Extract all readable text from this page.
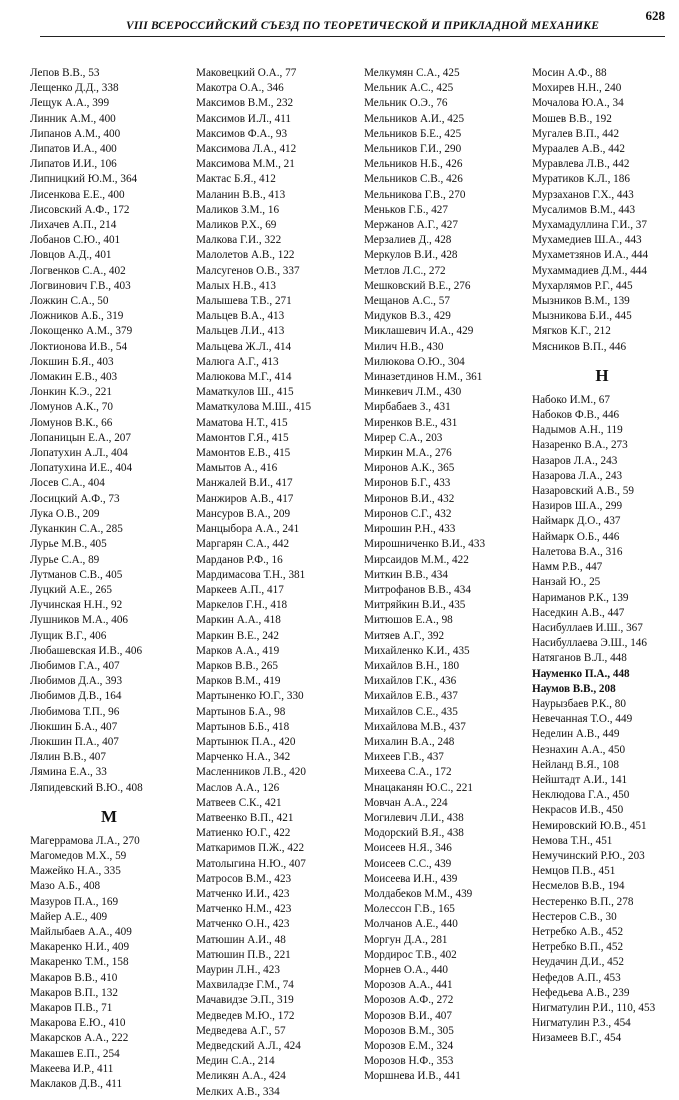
VIII ВСЕРОССИЙСКИЙ СЪЕЗД ПО ТЕОРЕТИЧЕСКОЙ И ПРИКЛАДНОЙ МЕХАНИКЕ
628
Лепов В.В., 53
Лещенко Д.Д., 338
Лещук А.А., 399
Линник А.М., 400
Липанов А.М., 400
Липатов И.А., 400
Липатов И.И., 106
Липницкий Ю.М., 364
Лисенкова Е.Е., 400
Лисовский А.Ф., 172
Лихачев А.П., 214
Лобанов С.Ю., 401
Ловцов А.Д., 401
Логвенков С.А., 402
Логвинович Г.В., 403
Ложкин С.А., 50
Ложников А.Б., 319
Локощенко А.М., 379
Локтионова И.В., 54
Локшин Б.Я., 403
Ломакин Е.В., 403
Лонкин К.Э., 221
Ломунов А.К., 70
Ломунов В.К., 66
Лопаницын Е.А., 207
Лопатухин А.Л., 404
Лопатухина И.Е., 404
Лосев С.А., 404
Лосицкий А.Ф., 73
Лука О.В., 209
Луканкин С.А., 285
Лурье М.В., 405
Лурье С.А., 89
Лутманов С.В., 405
Луцкий А.Е., 265
Лучинская Н.Н., 92
Лушников М.А., 406
Лущик В.Г., 406
Любашевская И.В., 406
Любимов Г.А., 407
Любимов Д.А., 393
Любимов Д.В., 164
Любимова Т.П., 96
Люкшин Б.А., 407
Люкшин П.А., 407
Лялин В.В., 407
Лямина Е.А., 33
Ляпидевский В.Ю., 408
М
Магеррамова Л.А., 270
Магомедов М.Х., 59
Мажейко Н.А., 335
Мазо А.Б., 408
Мазуров П.А., 169
Майер А.Е., 409
Майлыбаев А.А., 409
Макаренко Н.И., 409
Макаренко Т.М., 158
Макаров В.В., 410
Макаров В.П., 132
Макаров П.В., 71
Макарова Е.Ю., 410
Макарсков А.А., 222
Макашев Е.П., 254
Макеева И.Р., 411
Маклаков Д.В., 411
Маковецкий О.А., 77
Макотра О.А., 346
Максимов В.М., 232
Максимов И.Л., 411
Максимов Ф.А., 93
Максимова Л.А., 412
Максимова М.М., 21
Мактас Б.Я., 412
Маланин В.В., 413
Маликов З.М., 16
Маликов Р.Х., 69
Малкова Г.И., 322
Малолетов А.В., 122
Малсугенов О.В., 337
Малых Н.В., 413
Малышева Т.В., 271
Мальцев В.А., 413
Мальцев Л.И., 413
Мальцева Ж.Л., 414
Малюга А.Г., 413
Малюкова М.Г., 414
Маматкулов Ш., 415
Маматкулова М.Ш., 415
Маматова Н.Т., 415
Мамонтов Г.Я., 415
Мамонтов Е.В., 415
Мамытов А., 416
Манжалей В.И., 417
Манжиров А.В., 417
Мансуров В.А., 209
Манцыбора А.А., 241
Маргарян С.А., 442
Марданов Р.Ф., 16
Мардимасова Т.Н., 381
Маркеев А.П., 417
Маркелов Г.Н., 418
Маркин А.А., 418
Маркин В.Е., 242
Марков А.А., 419
Марков В.В., 265
Марков В.М., 419
Мартыненко Ю.Г., 330
Мартынов Б.А., 98
Мартынов Б.Б., 418
Мартынюк П.А., 420
Марченко Н.А., 342
Масленников Л.В., 420
Маслов А.А., 126
Матвеев С.К., 421
Матвеенко В.П., 421
Матиенко Ю.Г., 422
Маткаримов П.Ж., 422
Матолыгина Н.Ю., 407
Матросов В.М., 423
Матченко И.И., 423
Матченко Н.М., 423
Матченко О.Н., 423
Матюшин А.И., 48
Матюшин П.В., 221
Маурин Л.Н., 423
Махвиладзе Г.М., 74
Мачавидзе Э.П., 319
Медведев М.Ю., 172
Медведева А.Г., 57
Медведский А.Л., 424
Медин С.А., 214
Меликян А.А., 424
Мелких А.В., 334
Мелкумян С.А., 425
Мельник А.С., 425
Мельник О.Э., 76
Мельников А.И., 425
Мельников Б.Е., 425
Мельников Г.И., 290
Мельников Н.Б., 426
Мельников С.В., 426
Мельникова Г.В., 270
Меньков Г.Б., 427
Мержанов А.Г., 427
Мерзалиев Д., 428
Меркулов В.И., 428
Метлов Л.С., 272
Мешковский В.Е., 276
Мещанов А.С., 57
Мидуков В.З., 429
Миклашевич И.А., 429
Милич Н.В., 430
Милюкова О.Ю., 304
Миназетдинов Н.М., 361
Минкевич Л.М., 430
Мирбабаев З., 431
Миренков В.Е., 431
Мирер С.А., 203
Миркин М.А., 276
Миронов А.К., 365
Миронов Б.Г., 433
Миронов В.И., 432
Миронов С.Г., 432
Мирошин Р.Н., 433
Мирошниченко В.И., 433
Мирсаидов М.М., 422
Миткин В.В., 434
Митрофанов В.В., 434
Митряйкин В.И., 435
Митюшов Е.А., 98
Митяев А.Г., 392
Михайленко К.И., 435
Михайлов В.Н., 180
Михайлов Г.К., 436
Михайлов Е.В., 437
Михайлов С.Е., 435
Михайлова М.В., 437
Михалин В.А., 248
Михеев Г.В., 437
Михеева С.А., 172
Мнацаканян Ю.С., 221
Мовчан А.А., 224
Могилевич Л.И., 438
Модорский В.Я., 438
Моисеев Н.Я., 346
Моисеев С.С., 439
Моисеева И.Н., 439
Молдабеков М.М., 439
Молессон Г.В., 165
Молчанов А.Е., 440
Моргун Д.А., 281
Мордирос Т.В., 402
Морнев О.А., 440
Морозов А.А., 441
Морозов А.Ф., 272
Морозов В.И., 407
Морозов В.М., 305
Морозов Е.М., 324
Морозов Н.Ф., 353
Моршнева И.В., 441
Мосин А.Ф., 88
Мохирев Н.Н., 240
Мочалова Ю.А., 34
Мошев В.В., 192
Мугалев В.П., 442
Мураалев А.В., 442
Муравлева Л.В., 442
Муратиков К.Л., 186
Мурзаханов Г.Х., 443
Мусалимов В.М., 443
Мухамадуллина Г.И., 37
Мухамедиев Ш.А., 443
Мухаметзянов И.А., 444
Мухаммадиев Д.М., 444
Мухарлямов Р.Г., 445
Мызников В.М., 139
Мызникова Б.И., 445
Мягков К.Г., 212
Мясников В.П., 446
Н
Набоко И.М., 67
Набоков Ф.В., 446
Надымов А.Н., 119
Назаренко В.А., 273
Назаров Л.А., 243
Назарова Л.А., 243
Назаровский А.В., 59
Назиров Ш.А., 299
Наймарк Д.О., 437
Наймарк О.Б., 446
Налетова В.А., 316
Намм Р.В., 447
Нанзай Ю., 25
Нариманов Р.К., 139
Наседкин А.В., 447
Насибуллаев И.Ш., 367
Насибуллаева Э.Ш., 146
Натяганов В.Л., 448
Науменко П.А., 448
Наумов В.В., 208
Наурызбаев Р.К., 80
Невечанная Т.О., 449
Неделин А.В., 449
Незнахин А.А., 450
Нейланд В.Я., 108
Нейштадт А.И., 141
Неклюдова Г.А., 450
Некрасов И.В., 450
Немировский Ю.В., 451
Немова Т.Н., 451
Немучинский Р.Ю., 203
Немцов П.В., 451
Несмелов В.В., 194
Нестеренко В.П., 278
Нестеров С.В., 30
Нетребко А.В., 452
Нетребко В.П., 452
Неудачин Д.И., 452
Нефедов А.П., 453
Нефедьева А.В., 239
Нигматулин Р.И., 110, 453
Нигматулин Р.З., 454
Низамеев В.Г., 454
